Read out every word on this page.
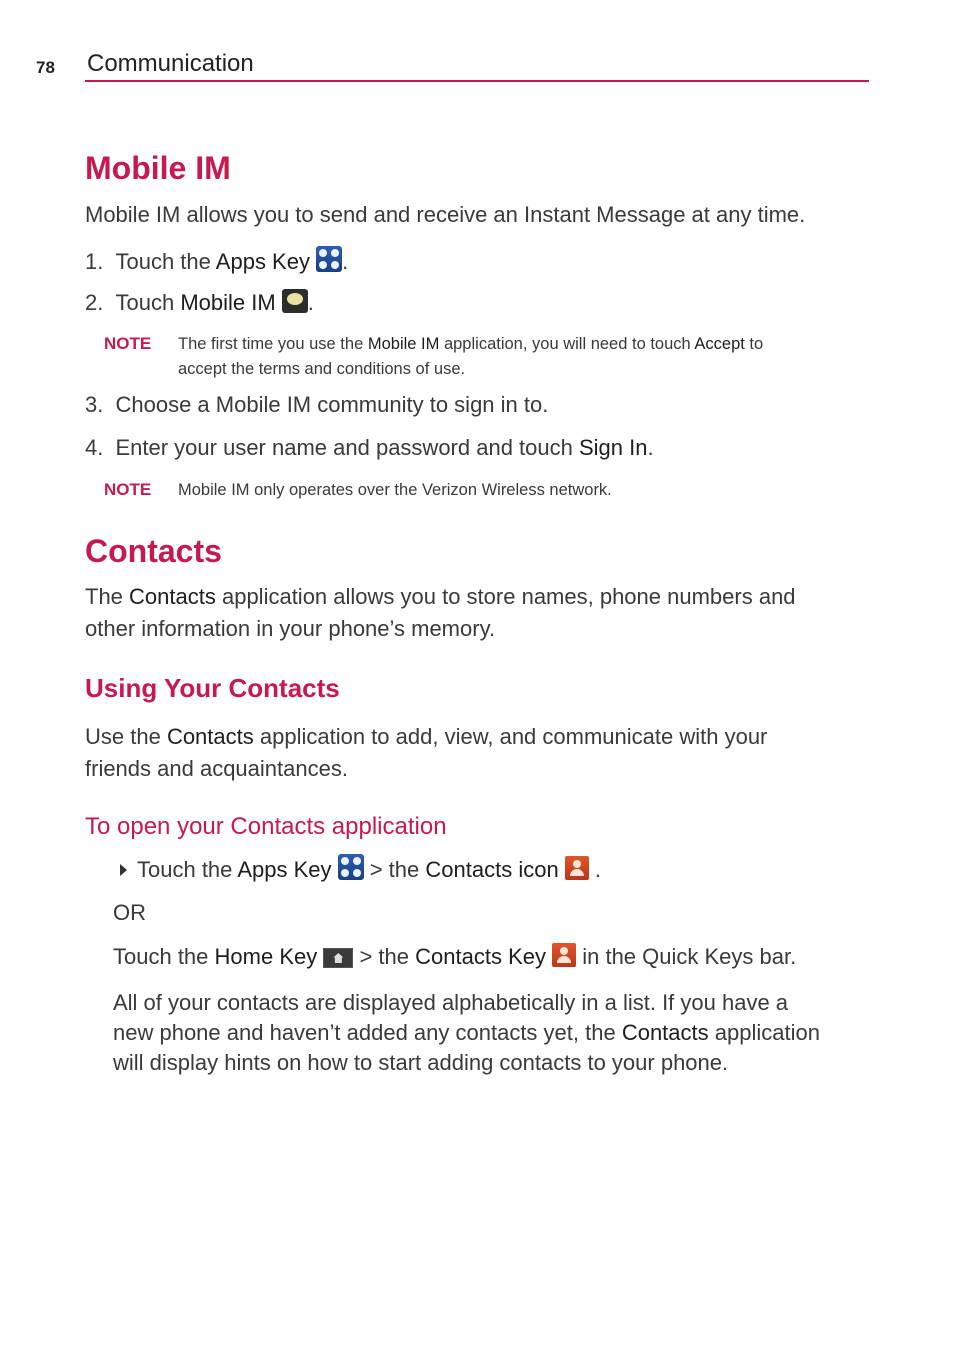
78 Communication
Mobile IM
Mobile IM allows you to send and receive an Instant Message at any time.
1. Touch the Apps Key .
2. Touch Mobile IM .
NOTE The first time you use the Mobile IM application, you will need to touch Accept to
accept the terms and conditions of use.
3. Choose a Mobile IM community to sign in to.
4. Enter your user name and password and touch Sign In.
NOTE Mobile IM only operates over the Verizon Wireless network.
Contacts
The Contacts application allows you to store names, phone numbers and
other information in your phone’s memory.
Using Your Contacts
Use the Contacts application to add, view, and communicate with your
friends and acquaintances.
To open your Contacts application
Touch the Apps Key
> the Contacts icon
.
OR
Touch the Home Key
> the Contacts Key
in the Quick Keys bar.
All of your contacts are displayed alphabetically in a list. If you have a
new phone and haven’t added any contacts yet, the Contacts application
will display hints on how to start adding contacts to your phone.
